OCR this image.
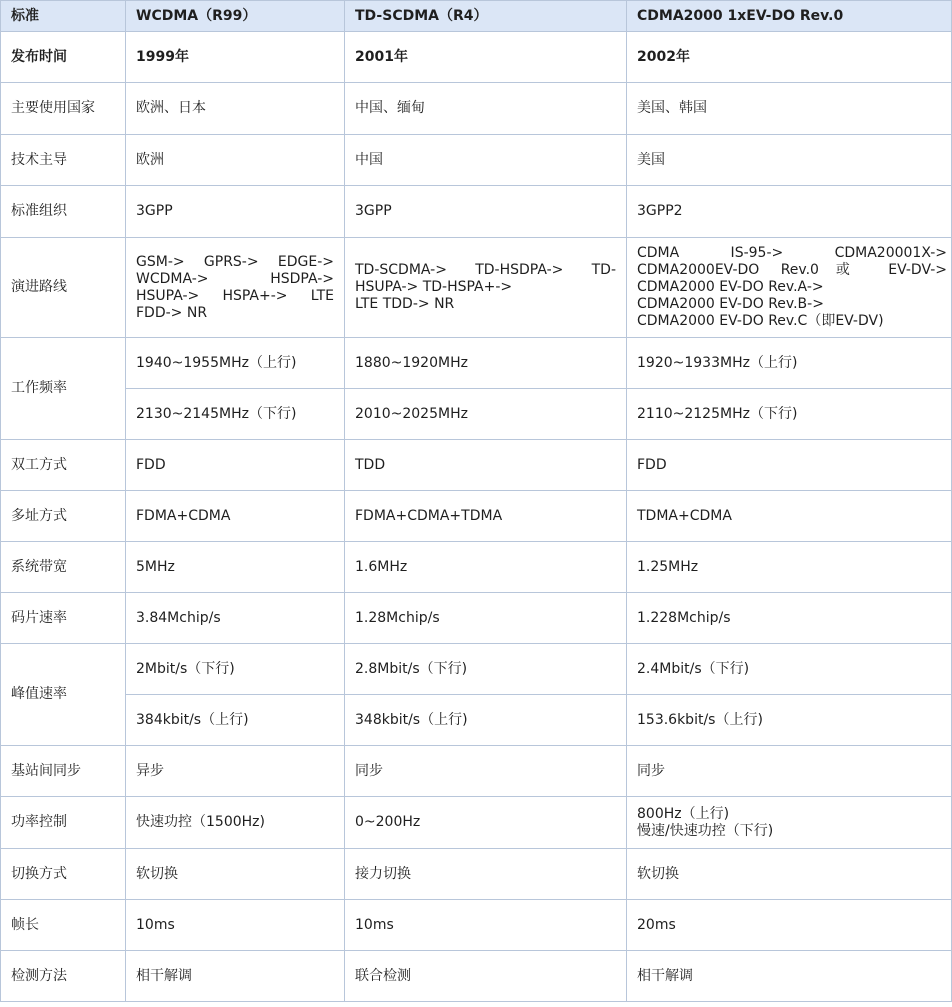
标准	WCDMA（R99）	TD-SCDMA（R4）	CDMA2000 1xEV-DO Rev.0
发布时间	1999年	2001年	2002年
主要使用国家	欧洲、日本	中国、缅甸	美国、韩国
技术主导	欧洲	中国	美国
标准组织	3GPP	3GPP	3GPP2
演进路线	GSM-> GPRS-> EDGE->
WCDMA-> HSDPA->
HSUPA-> HSPA+-> LTE
FDD-> NR	TD-SCDMA-> TD-HSDPA-> TD-
HSUPA-> TD-HSPA+->
LTE TDD-> NR	CDMA IS-95-> CDMA20001X->
CDMA2000EV-DO Rev.0或 EV-DV->
CDMA2000 EV-DO Rev.A->
CDMA2000 EV-DO Rev.B->
CDMA2000 EV-DO Rev.C（即EV-DV)

工作频率	1940~1955MHz（上行)	1880~1920MHz	1920~1933MHz（上行)
	2130~2145MHz（下行)	2010~2025MHz	2110~2125MHz（下行)
双工方式	FDD	TDD	FDD
多址方式	FDMA+CDMA	FDMA+CDMA+TDMA	TDMA+CDMA
系统带宽	5MHz	1.6MHz	1.25MHz
码片速率	3.84Mchip/s	1.28Mchip/s	1.228Mchip/s
峰值速率	2Mbit/s（下行)	2.8Mbit/s（下行)	2.4Mbit/s（下行)
	384kbit/s（上行)	348kbit/s（上行)	153.6kbit/s（上行)
基站间同步	异步	同步	同步
功率控制	快速功控（1500Hz)	0~200Hz	800Hz（上行)
慢速/快速功控（下行)

切换方式	软切换	接力切换	软切换
帧长	10ms	10ms	20ms
检测方法	相干解调	联合检测	相干解调
